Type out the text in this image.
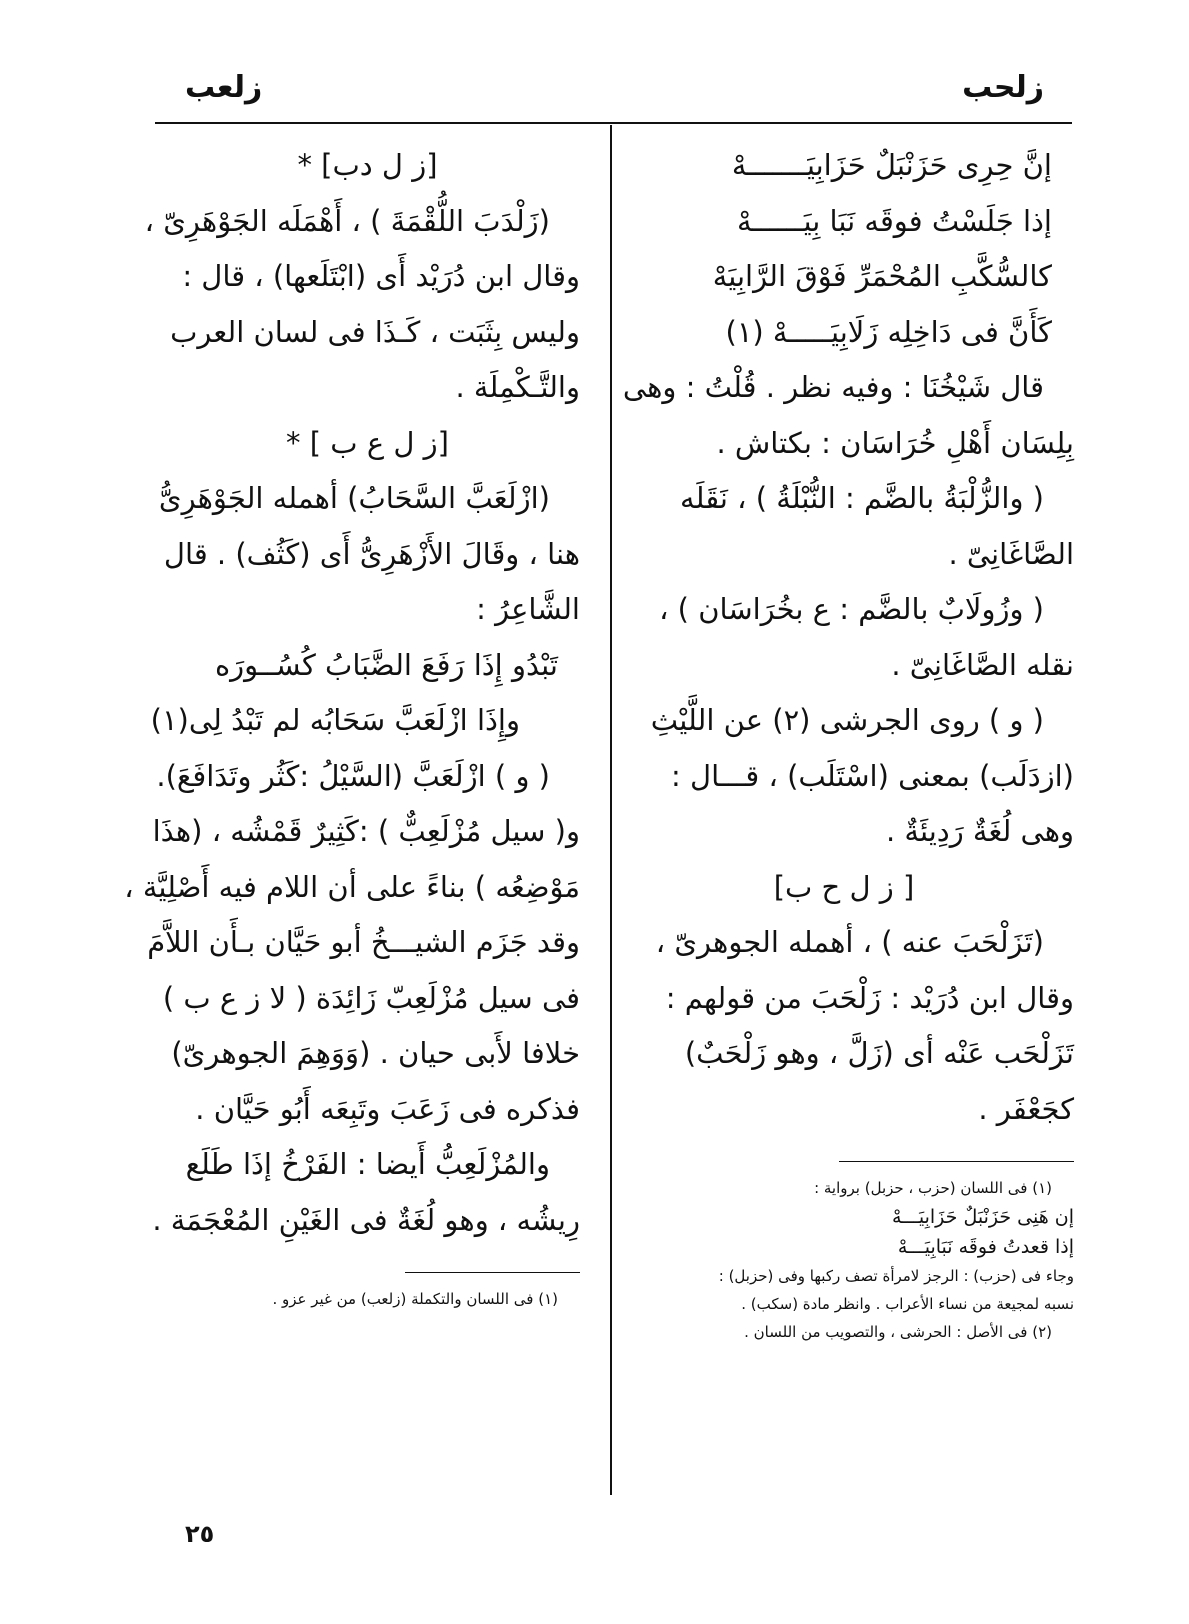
زلحب
زلعب
إنَّ حِرِى حَزَنْبَلٌ حَزَابِيَـــــــهْ
إذا جَلَسْتُ فوقَه نَبَا بِيَــــــهْ
كالسُّكَّبِ المُحْمَرِّ فَوْقَ الرَّابِيَهْ
كَأَنَّ فى دَاخِلِه زَلَابِيَـــــهْ (١)
قال شَيْخُنَا : وفيه نظر . قُلْتُ : وهى
بِلِسَان أَهْلِ خُرَاسَان : بكتاش .
( والزُّلْبَةُ بالضَّم : النُّبْلَةُ ) ، نَقَلَه
الصَّاغَانِىّ .
( وزُولَابٌ بالضَّم : ع بخُرَاسَان ) ،
نقله الصَّاغَانِىّ .
( و ) روى الجرشى (٢) عن اللَّيْثِ
(ازدَلَب) بمعنى (اسْتَلَب) ، قـــال :
وهى لُغَةٌ رَدِيئَةٌ .
[ ز ل ح ب]
(تَزَلْحَبَ عنه ) ، أهمله الجوهرىّ ،
وقال ابن دُرَيْد : زَلْحَبَ من قولهم :
تَزَلْحَب عَنْه أى (زَلَّ ، وهو زَلْحَبٌ)
كجَعْفَر .
(١) فى اللسان (حزب ، حزبل) برواية :
إن هَنِى حَزَنْبَلٌ حَزَابِيَـــهْ
إذا قعدتُ فوقَه نَبَابِيَـــهْ
وجاء فى (حزب) : الرجز لامرأة تصف ركبها وفى (حزبل) :
نسبه لمجيعة من نساء الأعراب . وانظر مادة (سكب) .
(٢) فى الأصل : الحرشى ، والتصويب من اللسان .
[ز ل دب] *
(زَلْدَبَ اللُّقْمَةَ ) ، أَهْمَلَه الجَوْهَرِىّ ،
وقال ابن دُرَيْد أَى (ابْتَلَعها) ، قال :
وليس بِثَبَت ، كَـذَا فى لسان العرب
والتَّـكْمِلَة .
[ز ل ع ب ] *
(ازْلَعَبَّ السَّحَابُ) أهمله الجَوْهَرِىُّ
هنا ، وقَالَ الأَزْهَرِىُّ أَى (كَثُف) . قال
الشَّاعِرُ :
تَبْدُو إِذَا رَفَعَ الضَّبَابُ كُسُــورَه
وإِذَا ازْلَعَبَّ سَحَابُه لم تَبْدُ لِى(١)
( و ) ازْلَعَبَّ (السَّيْلُ :كَثُر وتَدَافَعَ).
و( سيل مُزْلَعِبٌّ ) :كَثِيرٌ قَمْشُه ، (هذَا
مَوْضِعُه ) بناءً على أن اللام فيه أَصْلِيَّة ،
وقد جَزَم الشيـــخُ أبو حَيَّان بـأَن اللاَّمَ
فى سيل مُزْلَعِبّ زَائِدَة ( لا ز ع ب )
خلافا لأَبى حيان . (وَوَهِمَ الجوهرىّ)
فذكره فى زَعَبَ وتَبِعَه أَبُو حَيَّان .
والمُزْلَعِبُّ أَيضا : الفَرْخُ إذَا طَلَع
رِيشُه ، وهو لُغَةٌ فى الغَيْنِ المُعْجَمَة .
(١) فى اللسان والتكملة (زلعب) من غير عزو .
٢٥
